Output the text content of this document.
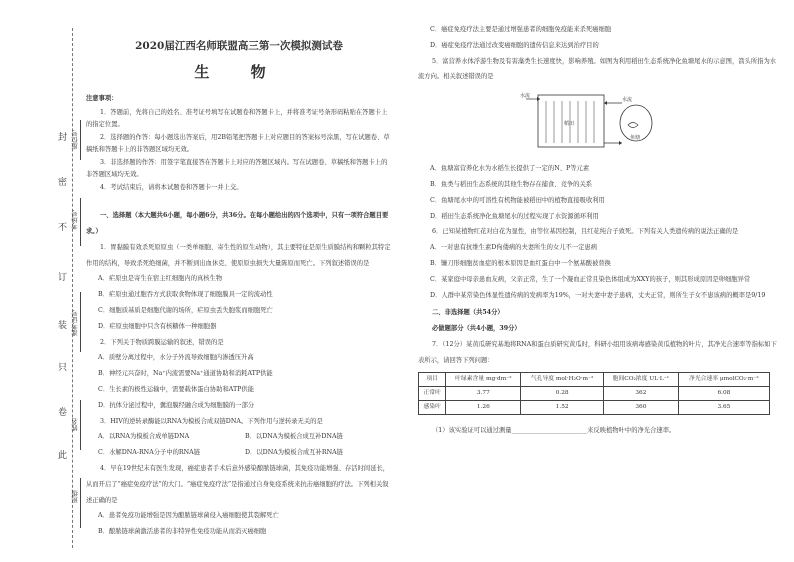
封
密
不
订
装
只
卷
此
座位号
考场号
准考证号
姓名
班级
2020届江西名师联盟高三第一次模拟测试卷
生 物
注意事项：
1．答题前，先将自己的姓名、准考证号填写在试题卷和答题卡上，并将准考证号条形码粘贴在答题卡上的指定位置。
2．选择题的作答：每小题选出答案后，用2B铅笔把答题卡上对应题目的答案标号涂黑，写在试题卷、草稿纸和答题卡上的非答题区域均无效。
3．非选择题的作答：用签字笔直接答在答题卡上对应的答题区域内。写在试题卷、草稿纸和答题卡上的非答题区域均无效。
4．考试结束后，请将本试题卷和答题卡一并上交。
一、选择题（本大题共6小题，每小题6分，共36分。在每小题给出的四个选项中，只有一项符合题目要求。）
1．胃黏膜有效杀死原原虫（一类单细胞、寄生性的原生动物），其主要特征是原生质膜结构和颗粒其特定作用的结构，导致杀死绝细菌，并不断到出血休克、使原原虫损失大量陈原而死亡。下列叙述错误的是
A．疟原虫是寄生在宿主红细胞内的真核生物
B．疟原虫通过胞吞方式获取食物体现了细胞膜具一定的流动性
C．细胞质基质是细胞代谢的场所，疟原虫丢失胞浆而细胞死亡
D．疟原虫细胞中只含有核糖体一种细胞器
2．下列关于物质跨膜运输的叙述，错误的是
A．质壁分离过程中，水分子外流导致细胞内渗透压升高
B．神经元兴奋时，Na⁺内流需要Na⁺通道协助和消耗ATP供能
C．生长素的极性运输中，需要载体蛋白协助和ATP供能
D．抗体分泌过程中，囊泡膜经融合成为细胞膜的一部分
3．HIV的逆转录酶能以RNA为模板合成双链DNA。下列作用与逆转录无关的是
A．以RNA为模板合成单链DNA	B．以DNA为模板合成互补DNA链
C．水解DNA-RNA分子中的RNA链	D．以DNA为模板合成互补RNA链
4．早在19世纪末有医生发现，癌症患者手术后意外感染酿脓链球菌，其免疫功能增强、存活时间延长，从而开启了“癌症免疫疗法”的大门。“癌症免疫疗法”是指通过自身免疫系统来抗击癌细胞的疗法。下列相关叙述正确的是
A．患者免疫功能增强是因为酿脓链球菌侵入癌细胞使其裂解死亡
B．酿脓链球菌激活患者的非特异性免疫功能从而消灭癌细胞
C．癌症免疫疗法主要是通过增强患者的细胞免疫能来杀死癌细胞
D．癌症免疫疗法通过改变癌细胞的遗传信息来达到治疗目的
5．富营养水体浮游生物及有害藻类生长速度快，影响养殖。如图为利用稻田生态系统净化鱼塘尾水的示意图，箭头所指为水流方向。相关叙述错误的是
水流
稻田
鱼塘
水流
A．鱼塘富营养化水为水稻生长提供了一定的N、P等元素
B．鱼类与稻田生态系统的其他生物存在捕食、竞争的关系
C．鱼塘尾水中的可溶性有机物能被稻田中的植物直接吸收利用
D．稻田生态系统净化鱼塘尾水的过程实现了水资源循环利用
6．已知某植物红花对白花为显性，由等位基因控制，且红花纯合子致死。下列有关人类遗传病的说法正确的是
A．一对患有抗维生素D佝偻病的夫妻所生的女儿不一定患病
B．镰刀形细胞贫血症的根本原因是血红蛋白中一个氨基酸被替换
C．某家庭中母亲患血友病，父亲正常，生了一个凝血正常且染色体组成为XXY的孩子，则其形成原因是卵细胞异常
D．人群中某常染色体显性遗传病的发病率为19%，一对夫妻中妻子患病，丈夫正常，则所生子女不患该病的概率是9/19
二、非选择题（共54分）
必做题部分（共4小题，39分）
7．（12分）某黄瓜研究基地将RNA和蛋白质研究黄瓜时，科研小组用该病毒感染黄瓜植物的叶片，其净光合速率等指标如下表所示，请回答下列问题：
项目	叶绿素含量 mg·dm⁻²	气孔导度 mol·H₂O·m⁻²	胞间CO₂浓度 UL·L⁻¹	净光合速率 μmolCO₂·m⁻²
正常叶	3.77	0.28	362	6.08
感染叶	1.26	1.52	360	3.65
（1）该实验证可以通过测量________________________来反映植物叶中的净光合速率。
